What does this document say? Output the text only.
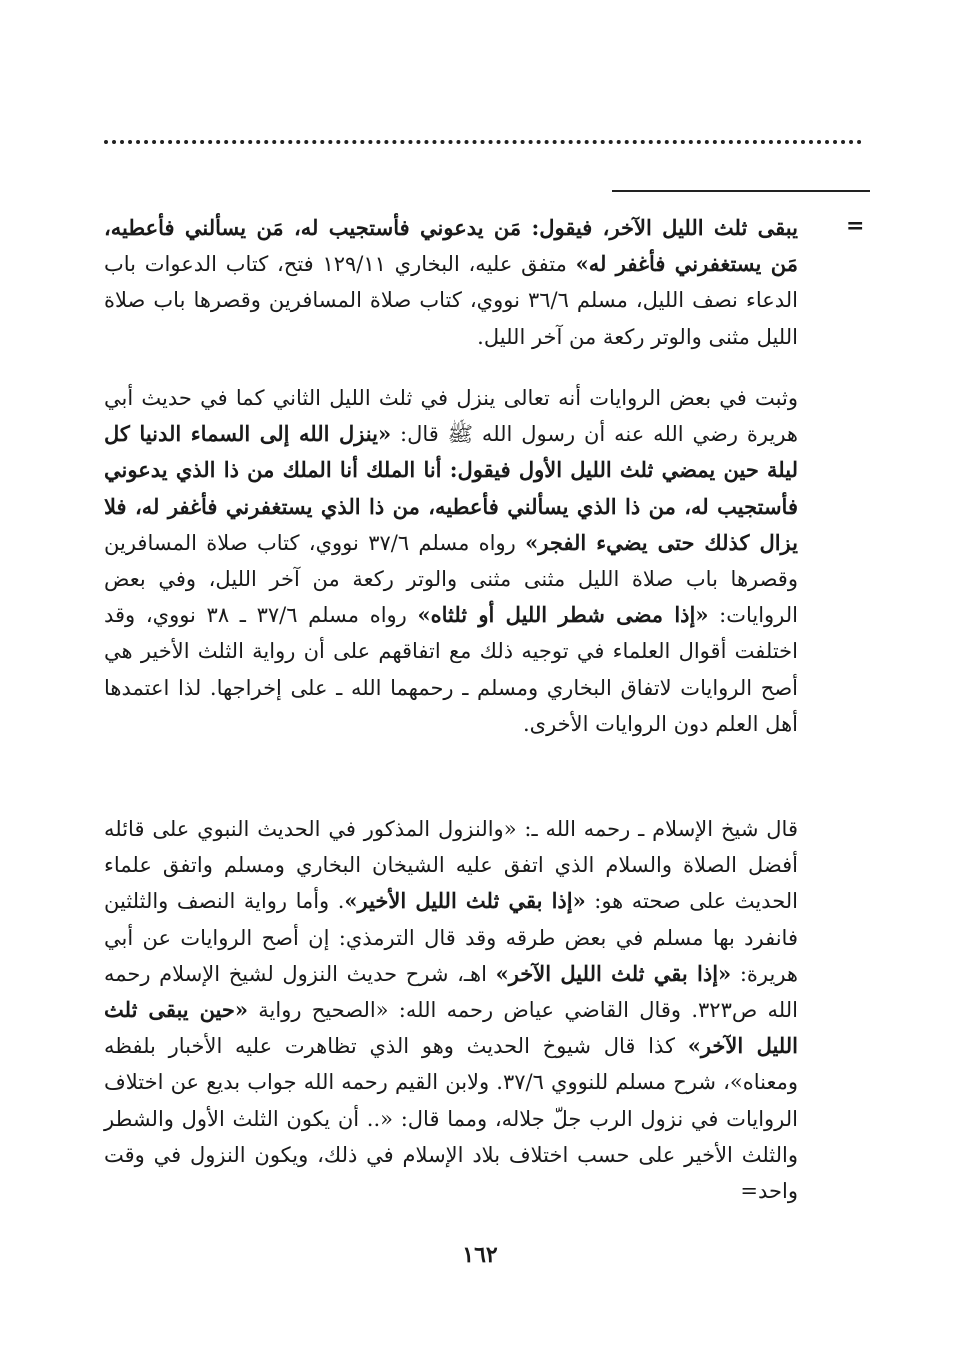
=

يبقى ثلث الليل الآخر، فيقول: مَن يدعوني فأستجيب له، مَن يسألني فأعطيه، مَن يستغفرني فأغفر له» متفق عليه، البخاري ١٢٩/١١ فتح، كتاب الدعوات باب الدعاء نصف الليل، مسلم ٣٦/٦ نووي، كتاب صلاة المسافرين وقصرها باب صلاة الليل مثنى والوتر ركعة من آخر الليل.

وثبت في بعض الروايات أنه تعالى ينزل في ثلث الليل الثاني كما في حديث أبي هريرة رضي الله عنه أن رسول الله ﷺ قال: «ينزل الله إلى السماء الدنيا كل ليلة حين يمضي ثلث الليل الأول فيقول: أنا الملك أنا الملك من ذا الذي يدعوني فأستجيب له، من ذا الذي يسألني فأعطيه، من ذا الذي يستغفرني فأغفر له، فلا يزال كذلك حتى يضيء الفجر» رواه مسلم ٣٧/٦ نووي، كتاب صلاة المسافرين وقصرها باب صلاة الليل مثنى مثنى والوتر ركعة من آخر الليل، وفي بعض الروايات: «إذا مضى شطر الليل أو ثلثاه» رواه مسلم ٣٧/٦ ـ ٣٨ نووي، وقد اختلفت أقوال العلماء في توجيه ذلك مع اتفاقهم على أن رواية الثلث الأخير هي أصح الروايات لاتفاق البخاري ومسلم ـ رحمهما الله ـ على إخراجها. لذا اعتمدها أهل العلم دون الروايات الأخرى.

قال شيخ الإسلام ـ رحمه الله ـ: «والنزول المذكور في الحديث النبوي على قائله أفضل الصلاة والسلام الذي اتفق عليه الشيخان البخاري ومسلم واتفق علماء الحديث على صحته هو: «إذا بقي ثلث الليل الأخير». وأما رواية النصف والثلثين فانفرد بها مسلم في بعض طرقه وقد قال الترمذي: إن أصح الروايات عن أبي هريرة: «إذا بقي ثلث الليل الآخر» اهـ، شرح حديث النزول لشيخ الإسلام رحمه الله ص٣٢٣. وقال القاضي عياض رحمه الله: «الصحيح رواية «حين يبقى ثلث الليل الآخر» كذا قال شيوخ الحديث وهو الذي تظاهرت عليه الأخبار بلفظه ومعناه»، شرح مسلم للنووي ٣٧/٦. ولابن القيم رحمه الله جواب بديع عن اختلاف الروايات في نزول الرب جلّ جلاله، ومما قال: «.. أن يكون الثلث الأول والشطر والثلث الأخير على حسب اختلاف بلاد الإسلام في ذلك، ويكون النزول في وقت واحد=

١٦٢
